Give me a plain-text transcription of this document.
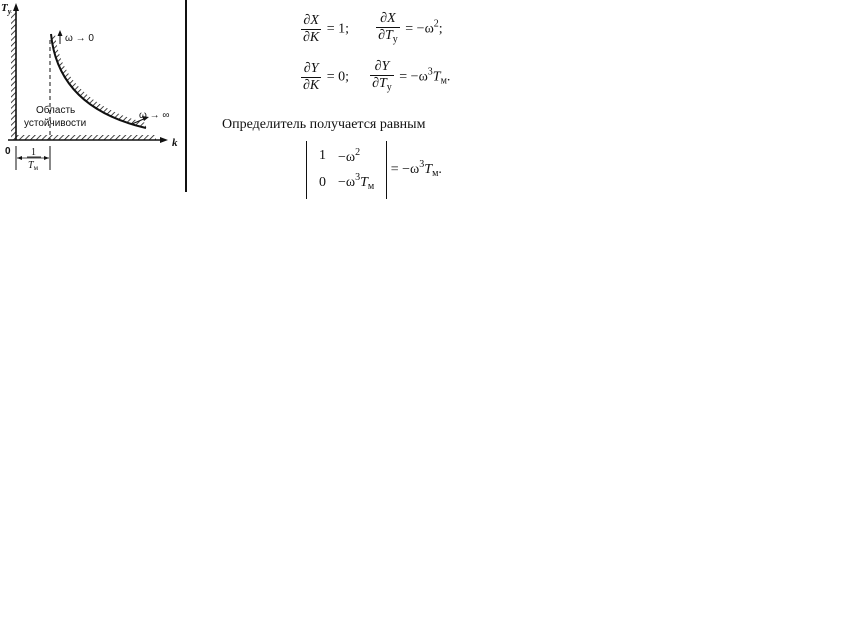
$T_y$
k
0
ω → 0
ω → ∞
Область
устойчивости
1
$T_м$
$\frac{\partial X}{\partial K} = 1$; $\frac{\partial X}{\partial T_y} = -\omega^2$;
$\frac{\partial Y}{\partial K} = 0$; $\frac{\partial Y}{\partial T_y} = -\omega^3T_м$.
Определитель получается равным
1	$-\omega^2$
0	$-\omega^3T_м$
= $-\omega^3T_м$.
